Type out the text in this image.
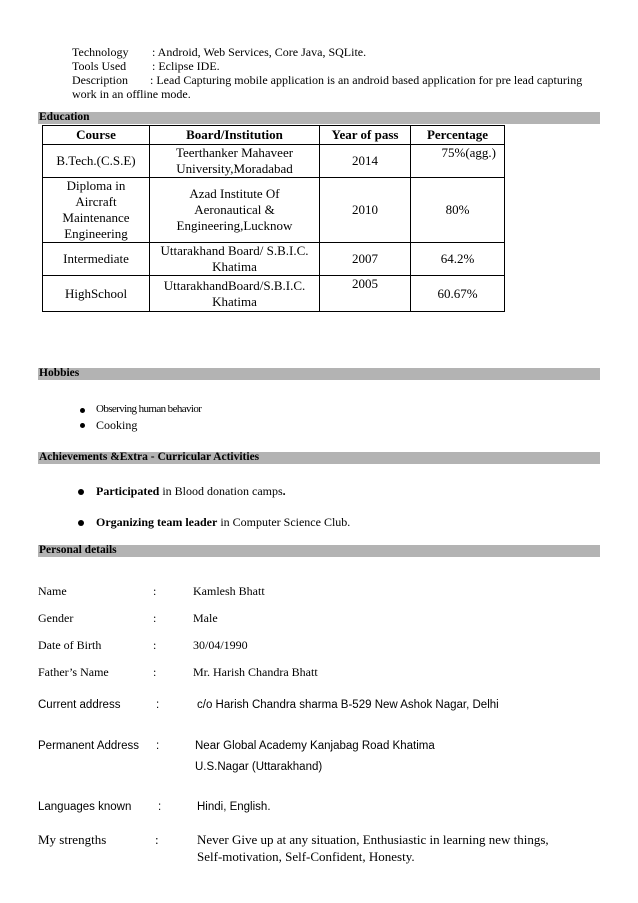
Technology : Android, Web Services, Core Java, SQLite.
Tools Used : Eclipse IDE.
Description : Lead Capturing mobile application is an android based application for pre lead capturing
work in an offline mode.
Education
Course	Board/Institution	Year of pass	Percentage
B.Tech.(C.S.E)	Teerthanker Mahaveer University,Moradabad	2014	75%(agg.)
Diploma in Aircraft Maintenance Engineering	Azad Institute Of Aeronautical & Engineering,Lucknow	2010	80%
Intermediate	Uttarakhand Board/ S.B.I.C. Khatima	2007	64.2%
HighSchool	UttarakhandBoard/S.B.I.C. Khatima	2005	60.67%
Hobbies
Observing human behavior
Cooking
Achievements &Extra - Curricular Activities
Participated in Blood donation camps.
Organizing team leader in Computer Science Club.
Personal details
Name	:	Kamlesh Bhatt
Gender	:	Male
Date of Birth	:	30/04/1990
Father’s Name	:	Mr. Harish Chandra Bhatt
Current address	:	c/o Harish Chandra sharma B-529 New Ashok Nagar, Delhi
Permanent Address :	Near Global Academy Kanjabag Road Khatima
U.S.Nagar (Uttarakhand)
Languages known :	Hindi, English.
My strengths	:	Never Give up at any situation, Enthusiastic in learning new things,
Self-motivation, Self-Confident, Honesty.
